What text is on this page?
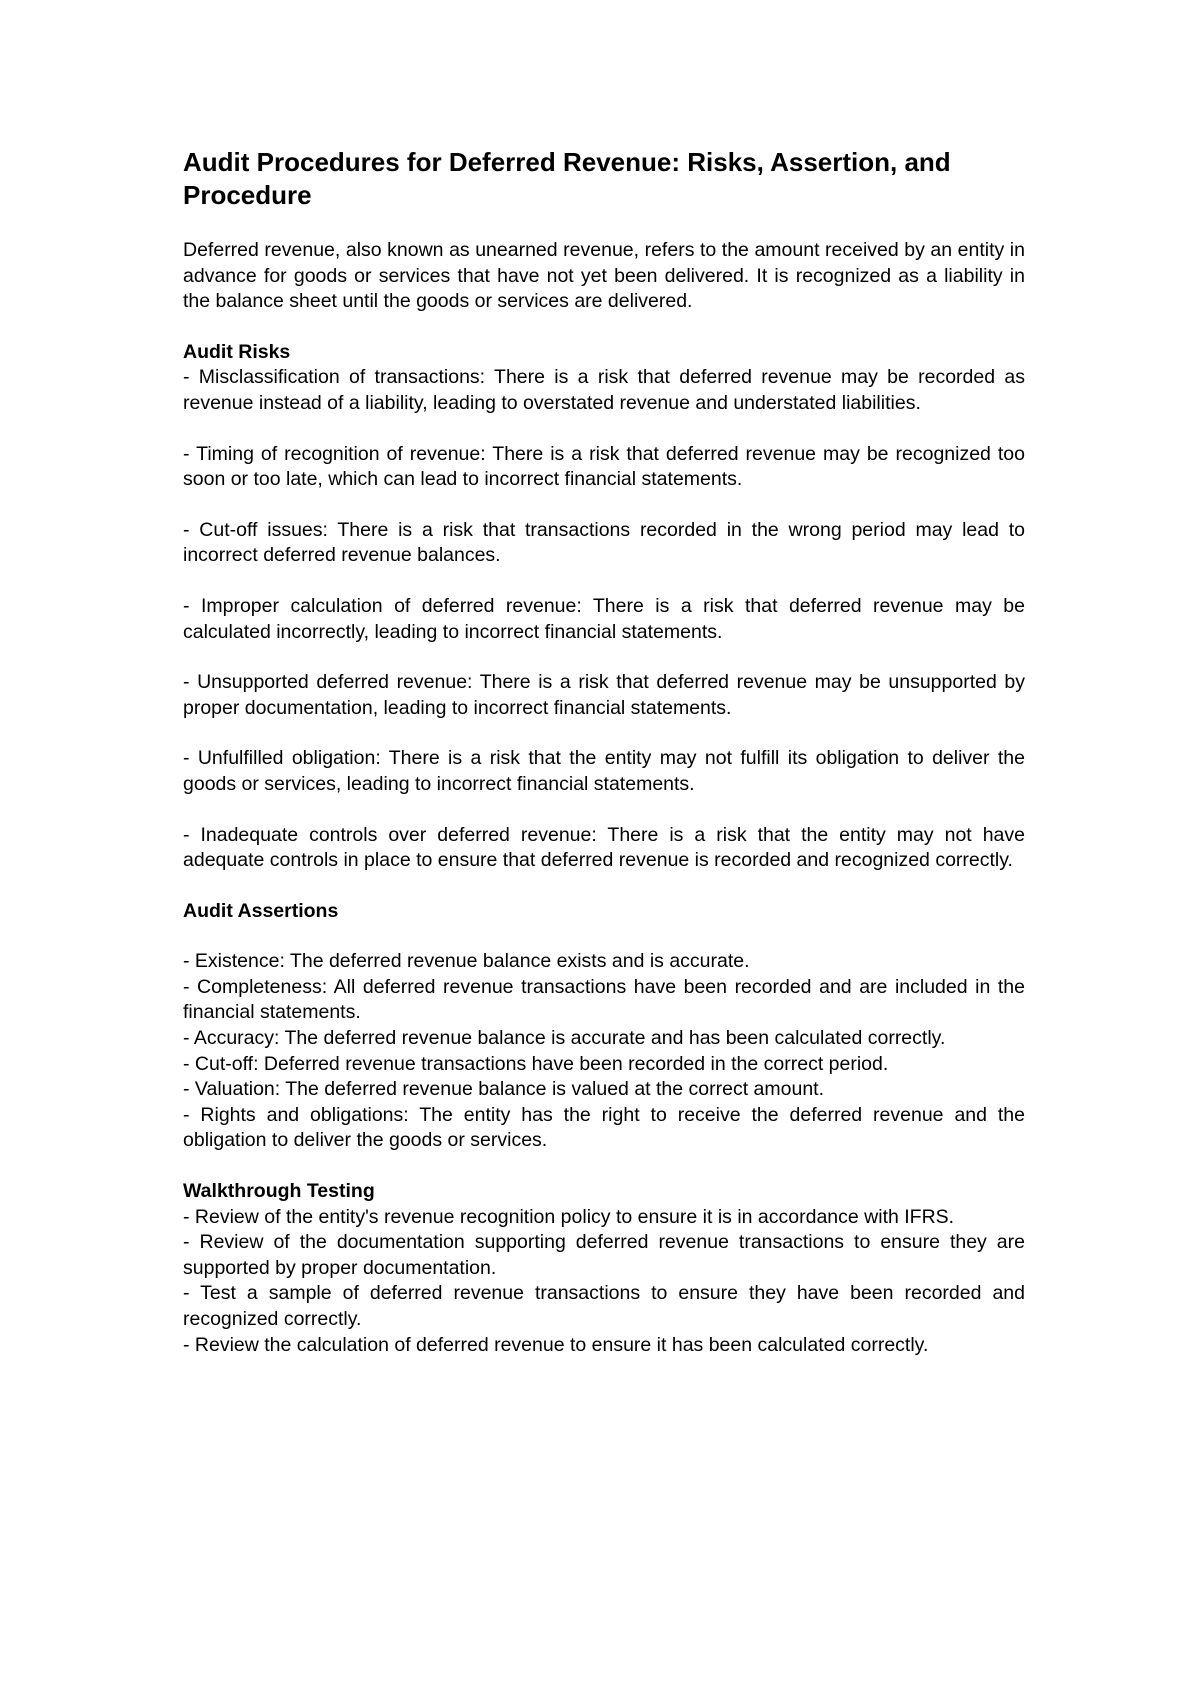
Audit Procedures for Deferred Revenue: Risks, Assertion, and Procedure

Deferred revenue, also known as unearned revenue, refers to the amount received by an entity in advance for goods or services that have not yet been delivered. It is recognized as a liability in the balance sheet until the goods or services are delivered.

Audit Risks

- Misclassification of transactions: There is a risk that deferred revenue may be recorded as revenue instead of a liability, leading to overstated revenue and understated liabilities.

- Timing of recognition of revenue: There is a risk that deferred revenue may be recognized too soon or too late, which can lead to incorrect financial statements.

- Cut-off issues: There is a risk that transactions recorded in the wrong period may lead to incorrect deferred revenue balances.

- Improper calculation of deferred revenue: There is a risk that deferred revenue may be calculated incorrectly, leading to incorrect financial statements.

- Unsupported deferred revenue: There is a risk that deferred revenue may be unsupported by proper documentation, leading to incorrect financial statements.

- Unfulfilled obligation: There is a risk that the entity may not fulfill its obligation to deliver the goods or services, leading to incorrect financial statements.

- Inadequate controls over deferred revenue: There is a risk that the entity may not have adequate controls in place to ensure that deferred revenue is recorded and recognized correctly.

Audit Assertions

- Existence: The deferred revenue balance exists and is accurate.

- Completeness: All deferred revenue transactions have been recorded and are included in the financial statements.

- Accuracy: The deferred revenue balance is accurate and has been calculated correctly.

- Cut-off: Deferred revenue transactions have been recorded in the correct period.

- Valuation: The deferred revenue balance is valued at the correct amount.

- Rights and obligations: The entity has the right to receive the deferred revenue and the obligation to deliver the goods or services.

Walkthrough Testing

- Review of the entity's revenue recognition policy to ensure it is in accordance with IFRS.

- Review of the documentation supporting deferred revenue transactions to ensure they are supported by proper documentation.

- Test a sample of deferred revenue transactions to ensure they have been recorded and recognized correctly.

- Review the calculation of deferred revenue to ensure it has been calculated correctly.
